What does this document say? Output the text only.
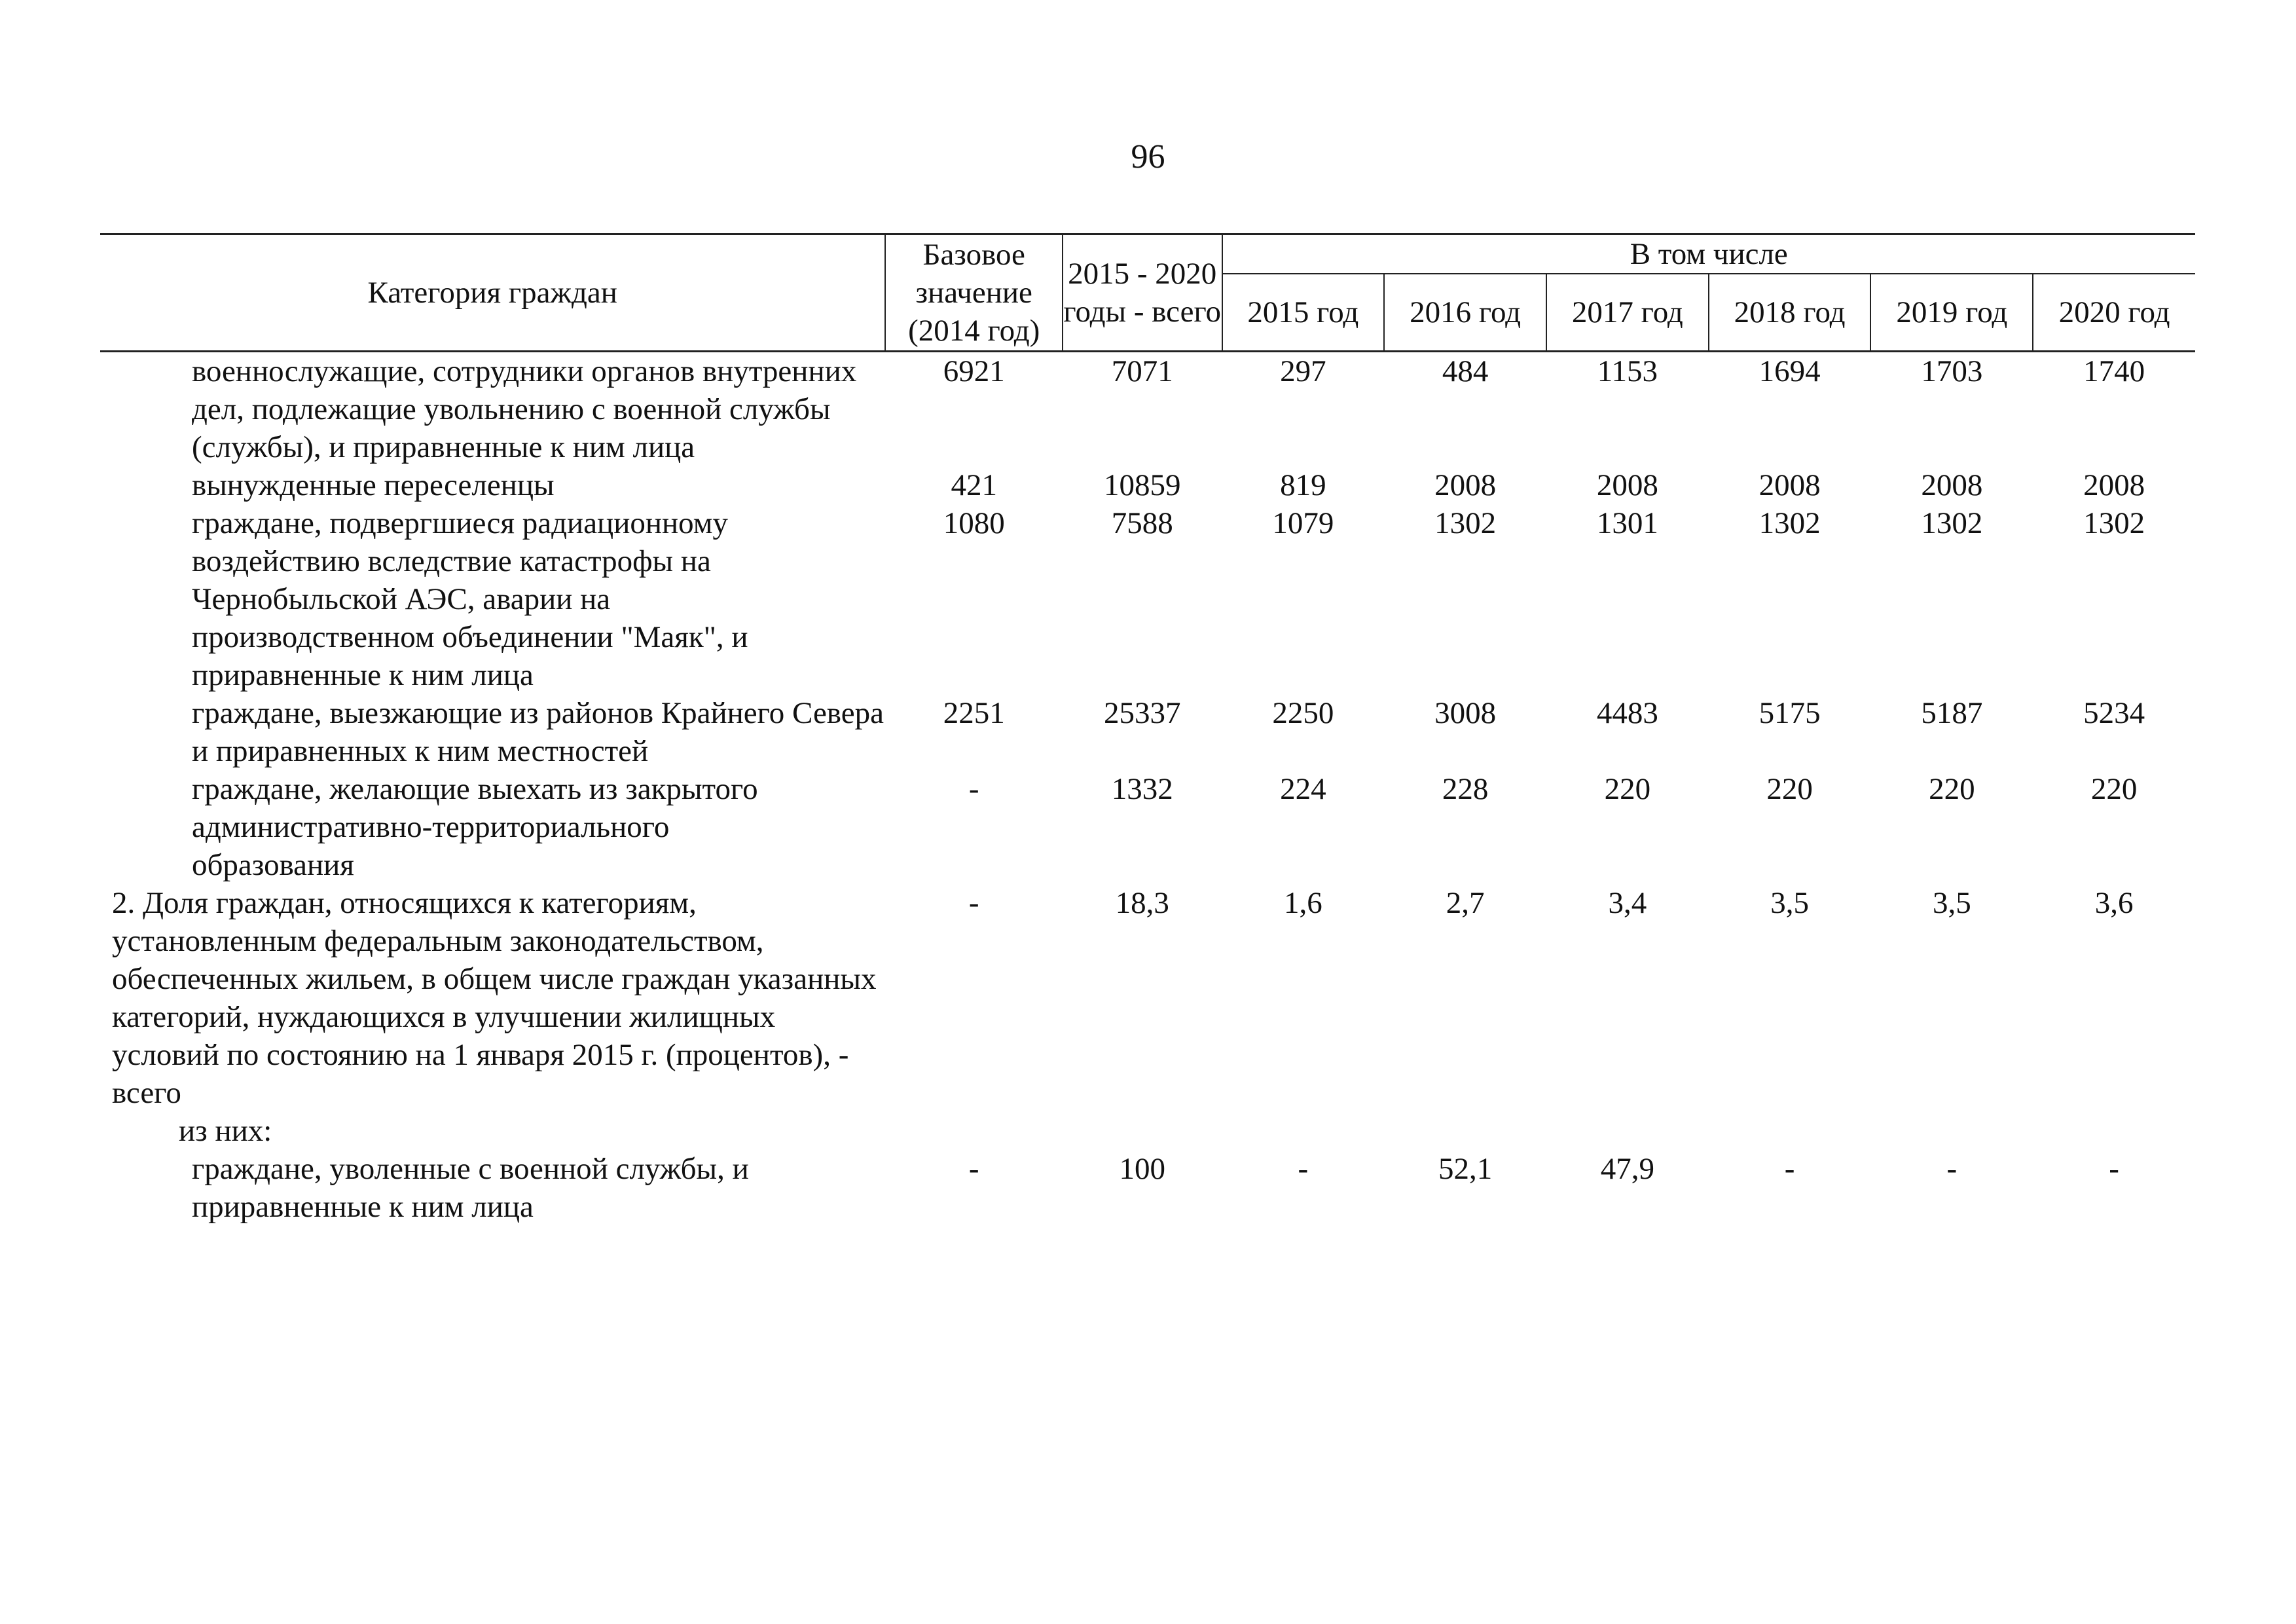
96
Категория граждан	Базовое значение (2014 год)	2015 - 2020 годы - всего	В том числе					
			2015 год	2016 год	2017 год	2018 год	2019 год	2020 год
военнослужащие, сотрудники органов внутренних дел, подлежащие увольнению с военной службы (службы), и приравненные к ним лица	6921	7071	297	484	1153	1694	1703	1740
вынужденные переселенцы	421	10859	819	2008	2008	2008	2008	2008
граждане, подвергшиеся радиационному воздействию вследствие катастрофы на Чернобыльской АЭС, аварии на производственном объединении "Маяк", и приравненные к ним лица	1080	7588	1079	1302	1301	1302	1302	1302
граждане, выезжающие из районов Крайнего Севера и приравненных к ним местностей	2251	25337	2250	3008	4483	5175	5187	5234
граждане, желающие выехать из закрытого административно-территориального образования	-	1332	224	228	220	220	220	220
2. Доля граждан, относящихся к категориям, установленным федеральным законодательством, обеспеченных жильем, в общем числе граждан указанных категорий, нуждающихся в улучшении жилищных условий по состоянию на 1 января 2015 г. (процентов), - всего	-	18,3	1,6	2,7	3,4	3,5	3,5	3,6
из них:								
граждане, уволенные с военной службы, и приравненные к ним лица	-	100	-	52,1	47,9	-	-	-
